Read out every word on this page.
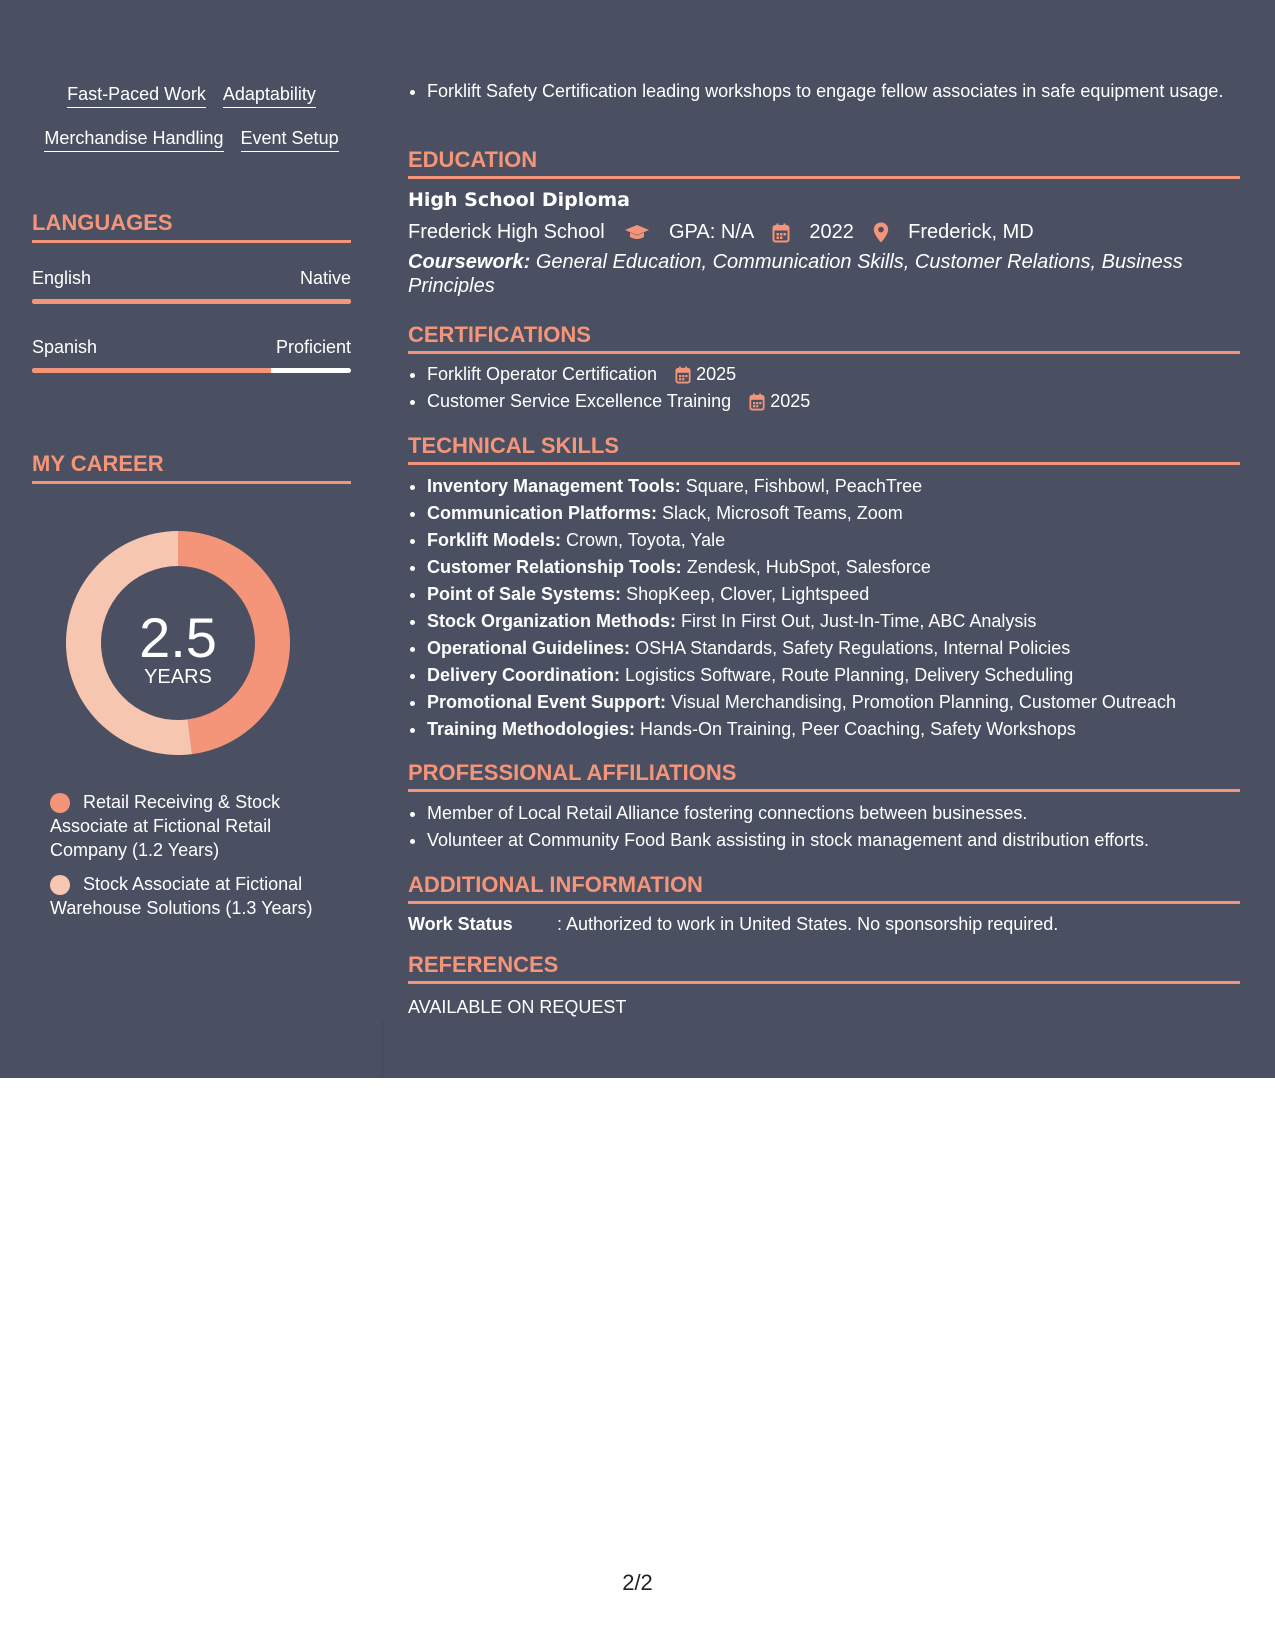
Fast-Paced Work Adaptability
Merchandise Handling Event Setup
LANGUAGES
English	Native
Spanish	Proficient
MY CAREER
2.5
YEARS
Retail Receiving & Stock Associate at Fictional Retail Company (1.2 Years)
Stock Associate at Fictional Warehouse Solutions (1.3 Years)
• Forklift Safety Certification leading workshops to engage fellow associates in safe equipment usage.
EDUCATION
High School Diploma
Frederick High School	GPA: N/A	2022	Frederick, MD
Coursework: General Education, Communication Skills, Customer Relations, Business Principles
CERTIFICATIONS
• Forklift Operator Certification 2025
• Customer Service Excellence Training 2025
TECHNICAL SKILLS
• Inventory Management Tools: Square, Fishbowl, PeachTree
• Communication Platforms: Slack, Microsoft Teams, Zoom
• Forklift Models: Crown, Toyota, Yale
• Customer Relationship Tools: Zendesk, HubSpot, Salesforce
• Point of Sale Systems: ShopKeep, Clover, Lightspeed
• Stock Organization Methods: First In First Out, Just-In-Time, ABC Analysis
• Operational Guidelines: OSHA Standards, Safety Regulations, Internal Policies
• Delivery Coordination: Logistics Software, Route Planning, Delivery Scheduling
• Promotional Event Support: Visual Merchandising, Promotion Planning, Customer Outreach
• Training Methodologies: Hands-On Training, Peer Coaching, Safety Workshops
PROFESSIONAL AFFILIATIONS
• Member of Local Retail Alliance fostering connections between businesses.
• Volunteer at Community Food Bank assisting in stock management and distribution efforts.
ADDITIONAL INFORMATION
Work Status : Authorized to work in United States. No sponsorship required.
REFERENCES
AVAILABLE ON REQUEST
2/2
